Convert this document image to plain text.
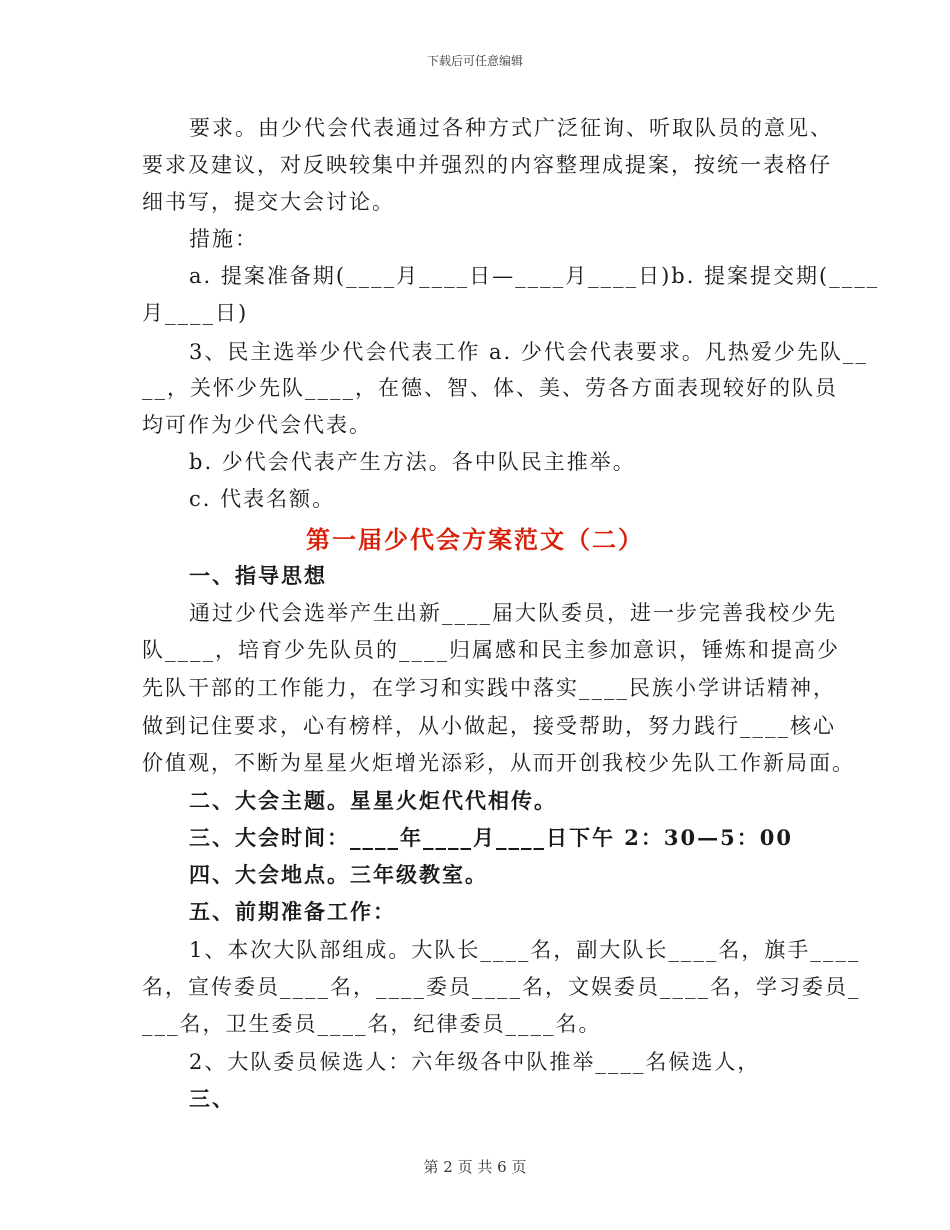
下载后可任意编辑
要求。由少代会代表通过各种方式广泛征询、听取队员的意见、
要求及建议，对反映较集中并强烈的内容整理成提案，按统一表格仔
细书写，提交大会讨论。
措施：
a. 提案准备期(____月____日—____月____日)b. 提案提交期(____
月____日)
3、民主选举少代会代表工作 a. 少代会代表要求。凡热爱少先队__
__，关怀少先队____，在德、智、体、美、劳各方面表现较好的队员
均可作为少代会代表。
b. 少代会代表产生方法。各中队民主推举。
c. 代表名额。
一、指导思想
通过少代会选举产生出新____届大队委员，进一步完善我校少先
队____，培育少先队员的____归属感和民主参加意识，锤炼和提高少
先队干部的工作能力，在学习和实践中落实____民族小学讲话精神，
做到记住要求，心有榜样，从小做起，接受帮助，努力践行____核心
价值观，不断为星星火炬增光添彩，从而开创我校少先队工作新局面。
二、大会主题。星星火炬代代相传。
三、大会时间：____年____月____日下午 2：30—5：00
四、大会地点。三年级教室。
五、前期准备工作：
1、本次大队部组成。大队长____名，副大队长____名，旗手____
名，宣传委员____名，____委员____名，文娱委员____名，学习委员_
___名，卫生委员____名，纪律委员____名。
2、大队委员候选人：六年级各中队推举____名候选人，
三、
第一届少代会方案范文（二）
第 2 页 共 6 页
